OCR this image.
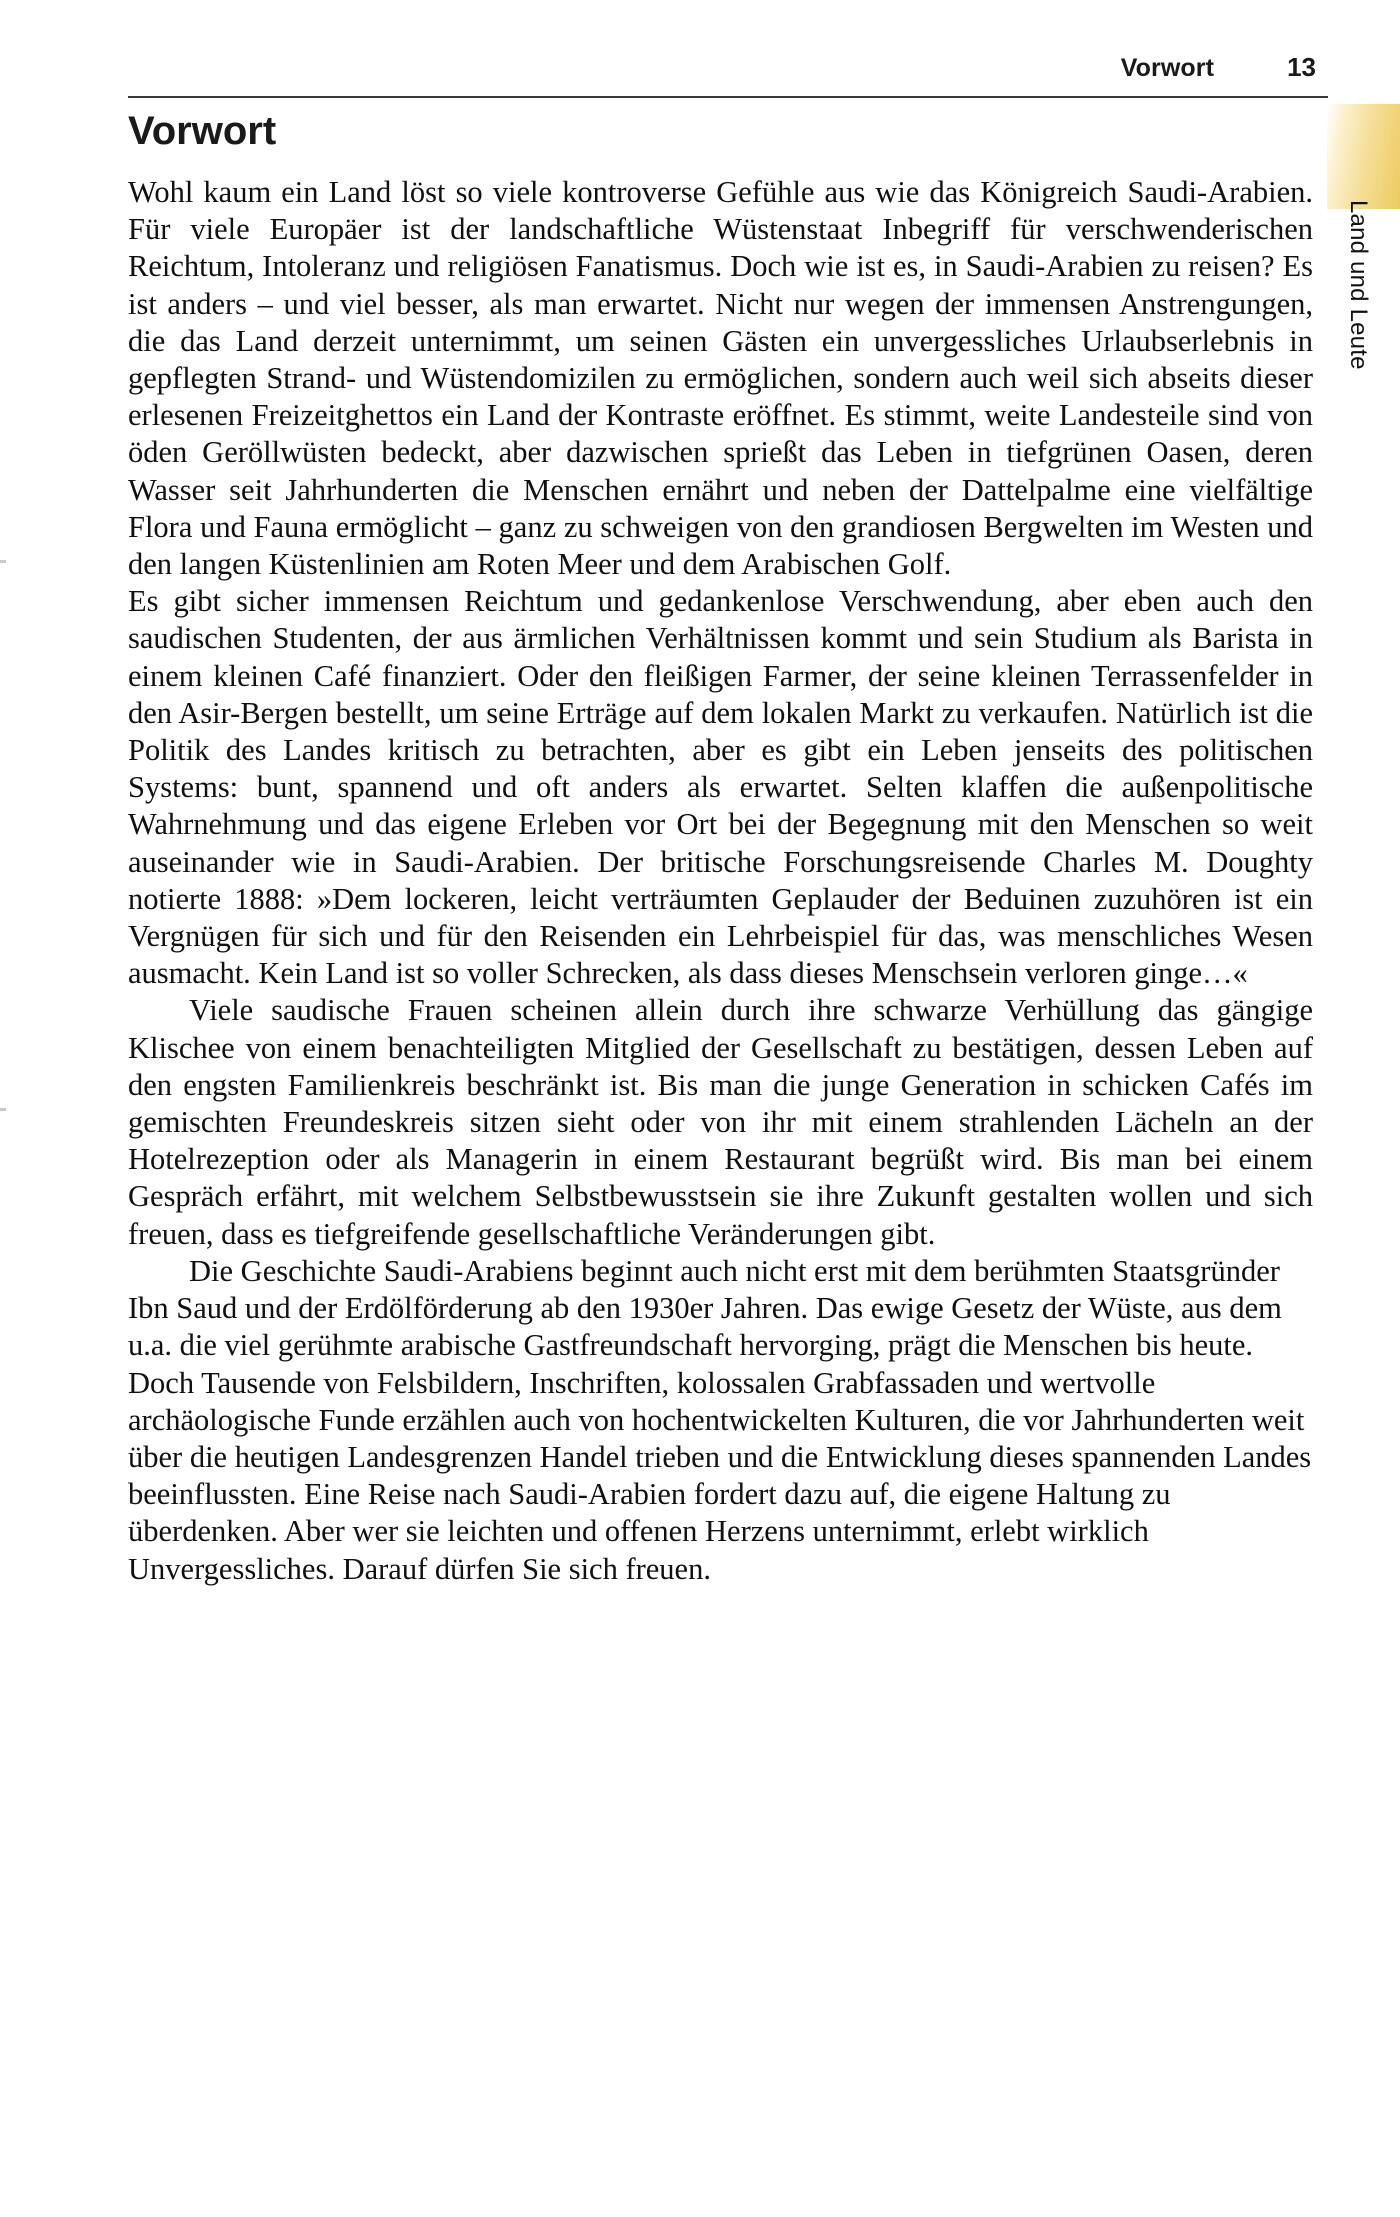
Vorwort	13
Land und Leute
Vorwort

Wohl kaum ein Land löst so viele kontroverse Gefühle aus wie das Königreich Saudi-Arabien. Für viele Europäer ist der landschaftliche Wüstenstaat Inbegriff für verschwenderischen Reichtum, Intoleranz und religiösen Fanatismus. Doch wie ist es, in Saudi-Arabien zu reisen? Es ist anders – und viel besser, als man erwartet. Nicht nur wegen der immensen Anstrengungen, die das Land derzeit unternimmt, um seinen Gästen ein unvergessliches Urlaubserlebnis in gepflegten Strand- und Wüstendomizilen zu ermöglichen, sondern auch weil sich abseits dieser erlesenen Freizeitghettos ein Land der Kontraste eröffnet. Es stimmt, weite Landesteile sind von öden Geröllwüsten bedeckt, aber dazwischen sprießt das Leben in tiefgrünen Oasen, deren Wasser seit Jahrhunderten die Menschen ernährt und neben der Dattelpalme eine vielfältige Flora und Fauna ermöglicht – ganz zu schweigen von den grandiosen Bergwelten im Westen und den langen Küstenlinien am Roten Meer und dem Arabischen Golf.

Es gibt sicher immensen Reichtum und gedankenlose Verschwendung, aber eben auch den saudischen Studenten, der aus ärmlichen Verhältnissen kommt und sein Studium als Barista in einem kleinen Café finanziert. Oder den fleißigen Farmer, der seine kleinen Terrassenfelder in den Asir-Bergen bestellt, um seine Erträge auf dem lokalen Markt zu verkaufen. Natürlich ist die Politik des Landes kritisch zu betrachten, aber es gibt ein Leben jenseits des politischen Systems: bunt, spannend und oft anders als erwartet. Selten klaffen die außenpolitische Wahrnehmung und das eigene Erleben vor Ort bei der Begegnung mit den Menschen so weit auseinander wie in Saudi-Arabien. Der britische Forschungsreisende Charles M. Doughty notierte 1888: »Dem lockeren, leicht verträumten Geplauder der Beduinen zuzuhören ist ein Vergnügen für sich und für den Reisenden ein Lehrbeispiel für das, was menschliches Wesen ausmacht. Kein Land ist so voller Schrecken, als dass dieses Menschsein verloren ginge…«

Viele saudische Frauen scheinen allein durch ihre schwarze Verhüllung das gängige Klischee von einem benachteiligten Mitglied der Gesellschaft zu bestätigen, dessen Leben auf den engsten Familienkreis beschränkt ist. Bis man die junge Generation in schicken Cafés im gemischten Freundeskreis sitzen sieht oder von ihr mit einem strahlenden Lächeln an der Hotelrezeption oder als Managerin in einem Restaurant begrüßt wird. Bis man bei einem Gespräch erfährt, mit welchem Selbstbewusstsein sie ihre Zukunft gestalten wollen und sich freuen, dass es tiefgreifende gesellschaftliche Veränderungen gibt.

Die Geschichte Saudi-Arabiens beginnt auch nicht erst mit dem berühmten Staatsgründer Ibn Saud und der Erdölförderung ab den 1930er Jahren. Das ewige Gesetz der Wüste, aus dem u.a. die viel gerühmte arabische Gastfreundschaft hervorging, prägt die Menschen bis heute. Doch Tausende von Felsbildern, Inschriften, kolossalen Grabfassaden und wertvolle archäologische Funde erzählen auch von hochentwickelten Kulturen, die vor Jahrhunderten weit über die heutigen Landesgrenzen Handel trieben und die Entwicklung dieses spannenden Landes beeinflussten. Eine Reise nach Saudi-Arabien fordert dazu auf, die eigene Haltung zu überdenken. Aber wer sie leichten und offenen Herzens unternimmt, erlebt wirklich Unvergessliches. Darauf dürfen Sie sich freuen.
